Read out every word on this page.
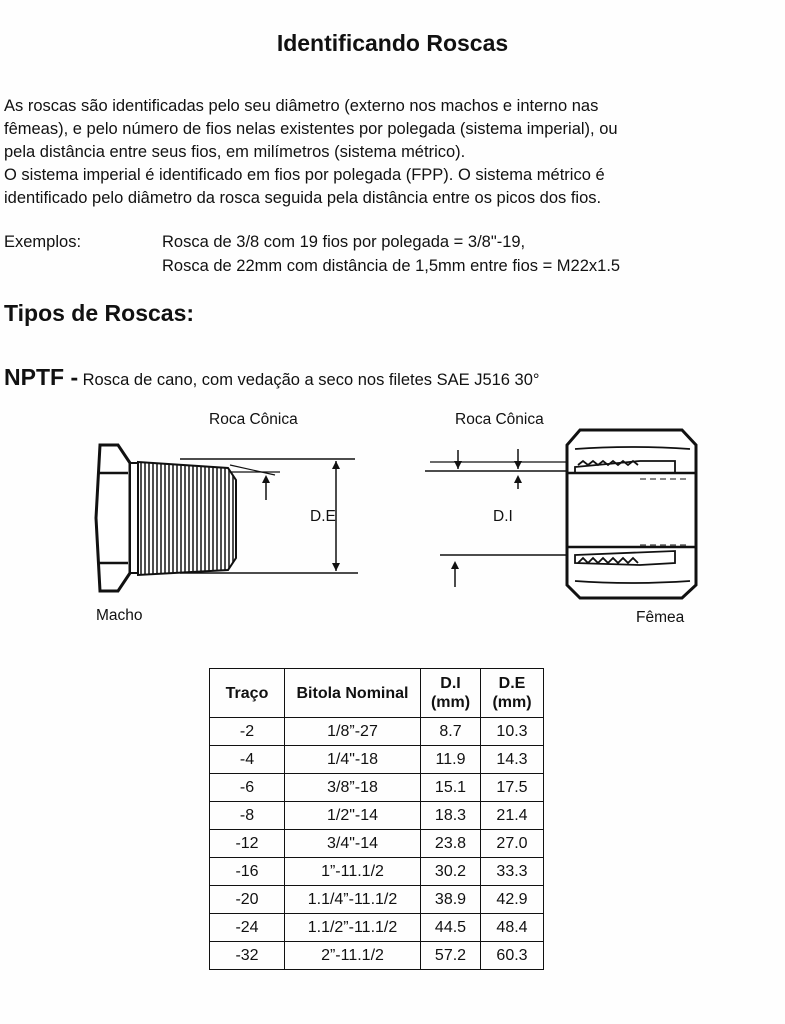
Identificando Roscas
As roscas são identificadas pelo seu diâmetro (externo nos machos e interno nas
fêmeas), e pelo número de fios nelas existentes por polegada (sistema imperial), ou
pela distância entre seus fios, em milímetros (sistema métrico).
O sistema imperial é identificado em fios por polegada (FPP). O sistema métrico é
identificado pelo diâmetro da rosca seguida pela distância entre os picos dos fios.
Exemplos:	Rosca de 3/8 com 19 fios por polegada = 3/8"-19,
Rosca de 22mm com distância de 1,5mm entre fios = M22x1.5
Tipos de Roscas:
NPTF - Rosca de cano, com vedação a seco nos filetes SAE J516 30°
Roca Cônica	Roca Cônica
D.E	D.I
Macho	Fêmea
Traço	Bitola Nominal	D.I (mm)	D.E (mm)
-2	1/8”-27	8.7	10.3
-4	1/4"-18	11.9	14.3
-6	3/8”-18	15.1	17.5
-8	1/2"-14	18.3	21.4
-12	3/4"-14	23.8	27.0
-16	1”-11.1/2	30.2	33.3
-20	1.1/4”-11.1/2	38.9	42.9
-24	1.1/2”-11.1/2	44.5	48.4
-32	2”-11.1/2	57.2	60.3
